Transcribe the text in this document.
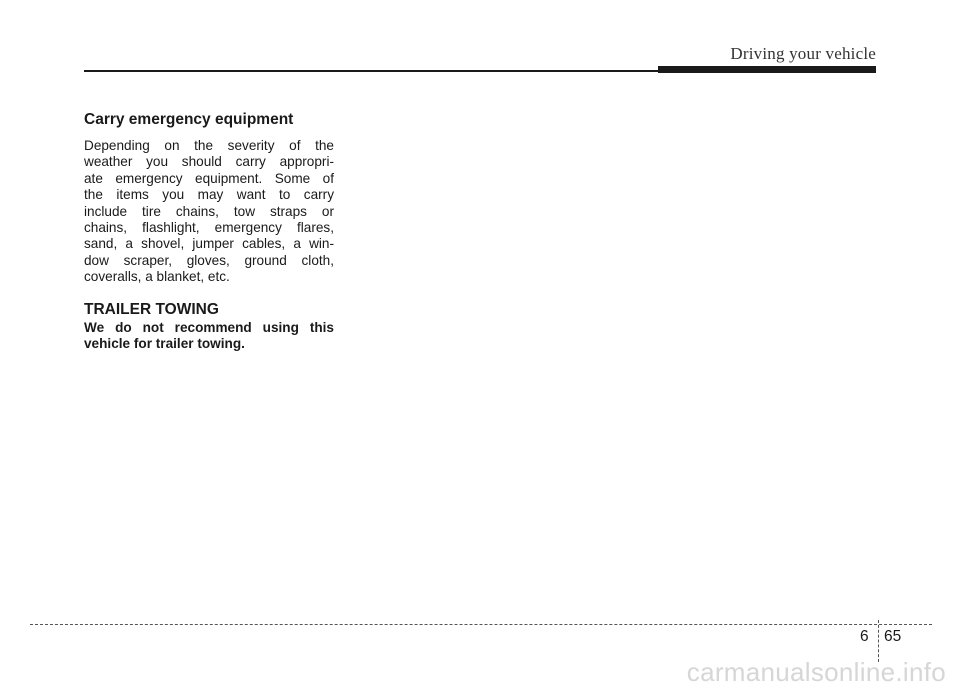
Driving your vehicle
Carry emergency equipment

Depending on the severity of the
weather you should carry appropri-
ate emergency equipment. Some of
the items you may want to carry
include tire chains, tow straps or
chains, flashlight, emergency flares,
sand, a shovel, jumper cables, a win-
dow scraper, gloves, ground cloth,
coveralls, a blanket, etc.

TRAILER TOWING

We do not recommend using this
vehicle for trailer towing.

6 65
carmanualsonline.info
